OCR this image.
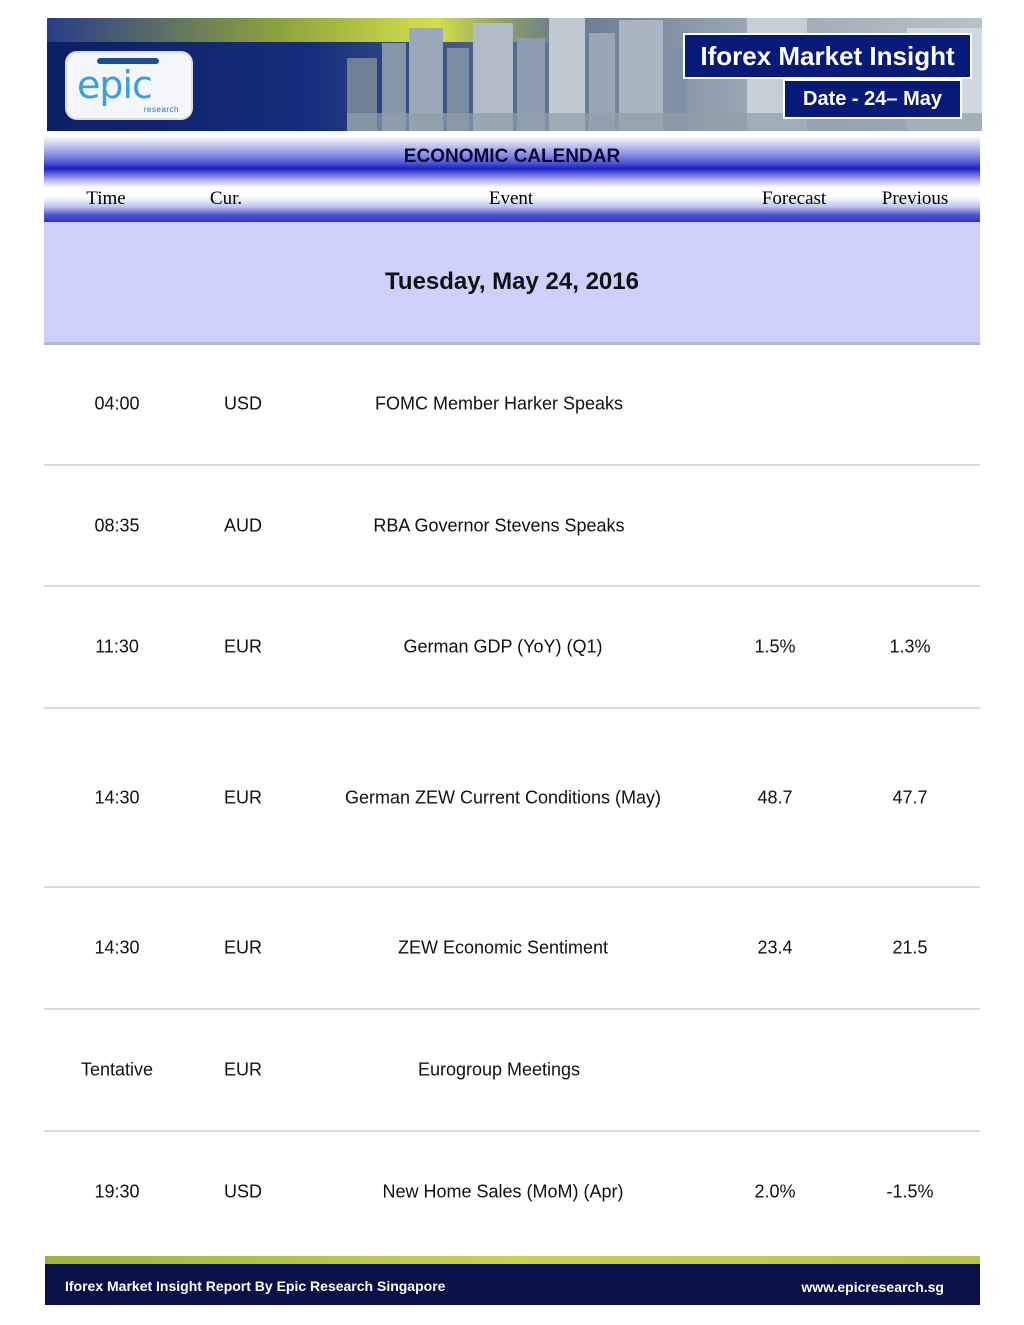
epic
research
Iforex Market Insight
Date - 24– May
ECONOMIC CALENDAR
Time	Cur.	Event	Forecast	Previous
Tuesday, May 24, 2016
04:00	USD	FOMC Member Harker Speaks
08:35	AUD	RBA Governor Stevens Speaks
11:30	EUR	German GDP (YoY) (Q1)	1.5%	1.3%
14:30	EUR	German ZEW Current Conditions (May)	48.7	47.7
14:30	EUR	ZEW Economic Sentiment	23.4	21.5
Tentative	EUR	Eurogroup Meetings
19:30	USD	New Home Sales (MoM) (Apr)	2.0%	-1.5%
Iforex Market Insight Report By Epic Research Singapore	www.epicresearch.sg
